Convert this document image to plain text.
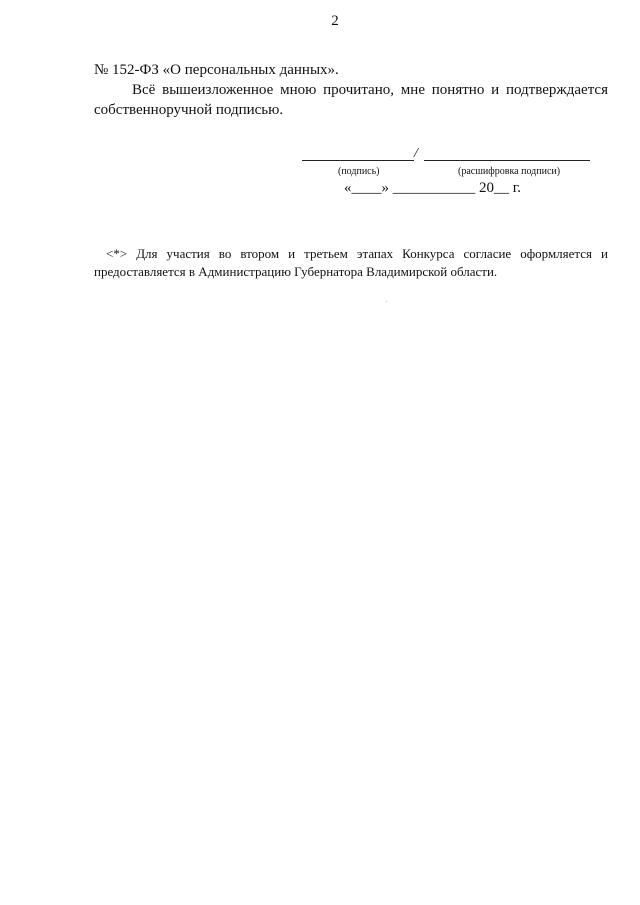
2
№ 152-ФЗ «О персональных данных».
Всё вышеизложенное мною прочитано, мне понятно и подтверждается
собственноручной подписью.
/
(подпись)	(расшифровка подписи)
«____» ___________ 20__ г.
<*> Для участия во втором и третьем этапах Конкурса согласие оформляется и
предоставляется в Администрацию Губернатора Владимирской области.
